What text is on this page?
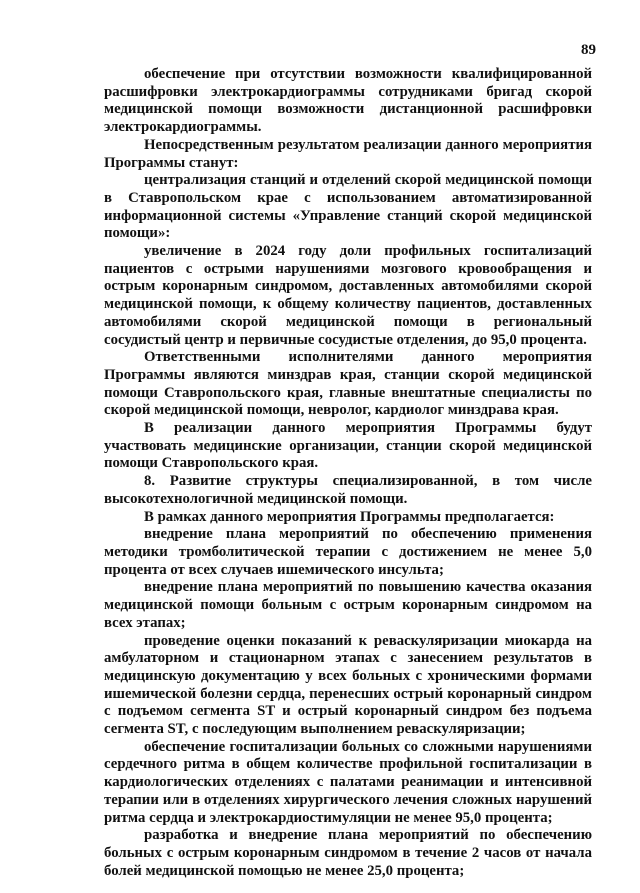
89

обеспечение при отсутствии возможности квалифицированной расшифровки электрокардиограммы сотрудниками бригад скорой медицинской помощи возможности дистанционной расшифровки электрокардиограммы.

Непосредственным результатом реализации данного мероприятия Программы станут:

централизация станций и отделений скорой медицинской помощи в Ставропольском крае с использованием автоматизированной информационной системы «Управление станций скорой медицинской помощи»:

увеличение в 2024 году доли профильных госпитализаций пациентов с острыми нарушениями мозгового кровообращения и острым коронарным синдромом, доставленных автомобилями скорой медицинской помощи, к общему количеству пациентов, доставленных автомобилями скорой медицинской помощи в региональный сосудистый центр и первичные сосудистые отделения, до 95,0 процента.

Ответственными исполнителями данного мероприятия Программы являются минздрав края, станции скорой медицинской помощи Ставропольского края, главные внештатные специалисты по скорой медицинской помощи, невролог, кардиолог минздрава края.

В реализации данного мероприятия Программы будут участвовать медицинские организации, станции скорой медицинской помощи Ставропольского края.

8. Развитие структуры специализированной, в том числе высокотехнологичной медицинской помощи.

В рамках данного мероприятия Программы предполагается:

внедрение плана мероприятий по обеспечению применения методики тромболитической терапии с достижением не менее 5,0 процента от всех случаев ишемического инсульта;

внедрение плана мероприятий по повышению качества оказания медицинской помощи больным с острым коронарным синдромом на всех этапах;

проведение оценки показаний к реваскуляризации миокарда на амбулаторном и стационарном этапах с занесением результатов в медицинскую документацию у всех больных с хроническими формами ишемической болезни сердца, перенесших острый коронарный синдром с подъемом сегмента ST и острый коронарный синдром без подъема сегмента ST, с последующим выполнением реваскуляризации;

обеспечение госпитализации больных со сложными нарушениями сердечного ритма в общем количестве профильной госпитализации в кардиологических отделениях с палатами реанимации и интенсивной терапии или в отделениях хирургического лечения сложных нарушений ритма сердца и электрокардиостимуляции не менее 95,0 процента;

разработка и внедрение плана мероприятий по обеспечению больных с острым коронарным синдромом в течение 2 часов от начала болей медицинской помощью не менее 25,0 процента;
